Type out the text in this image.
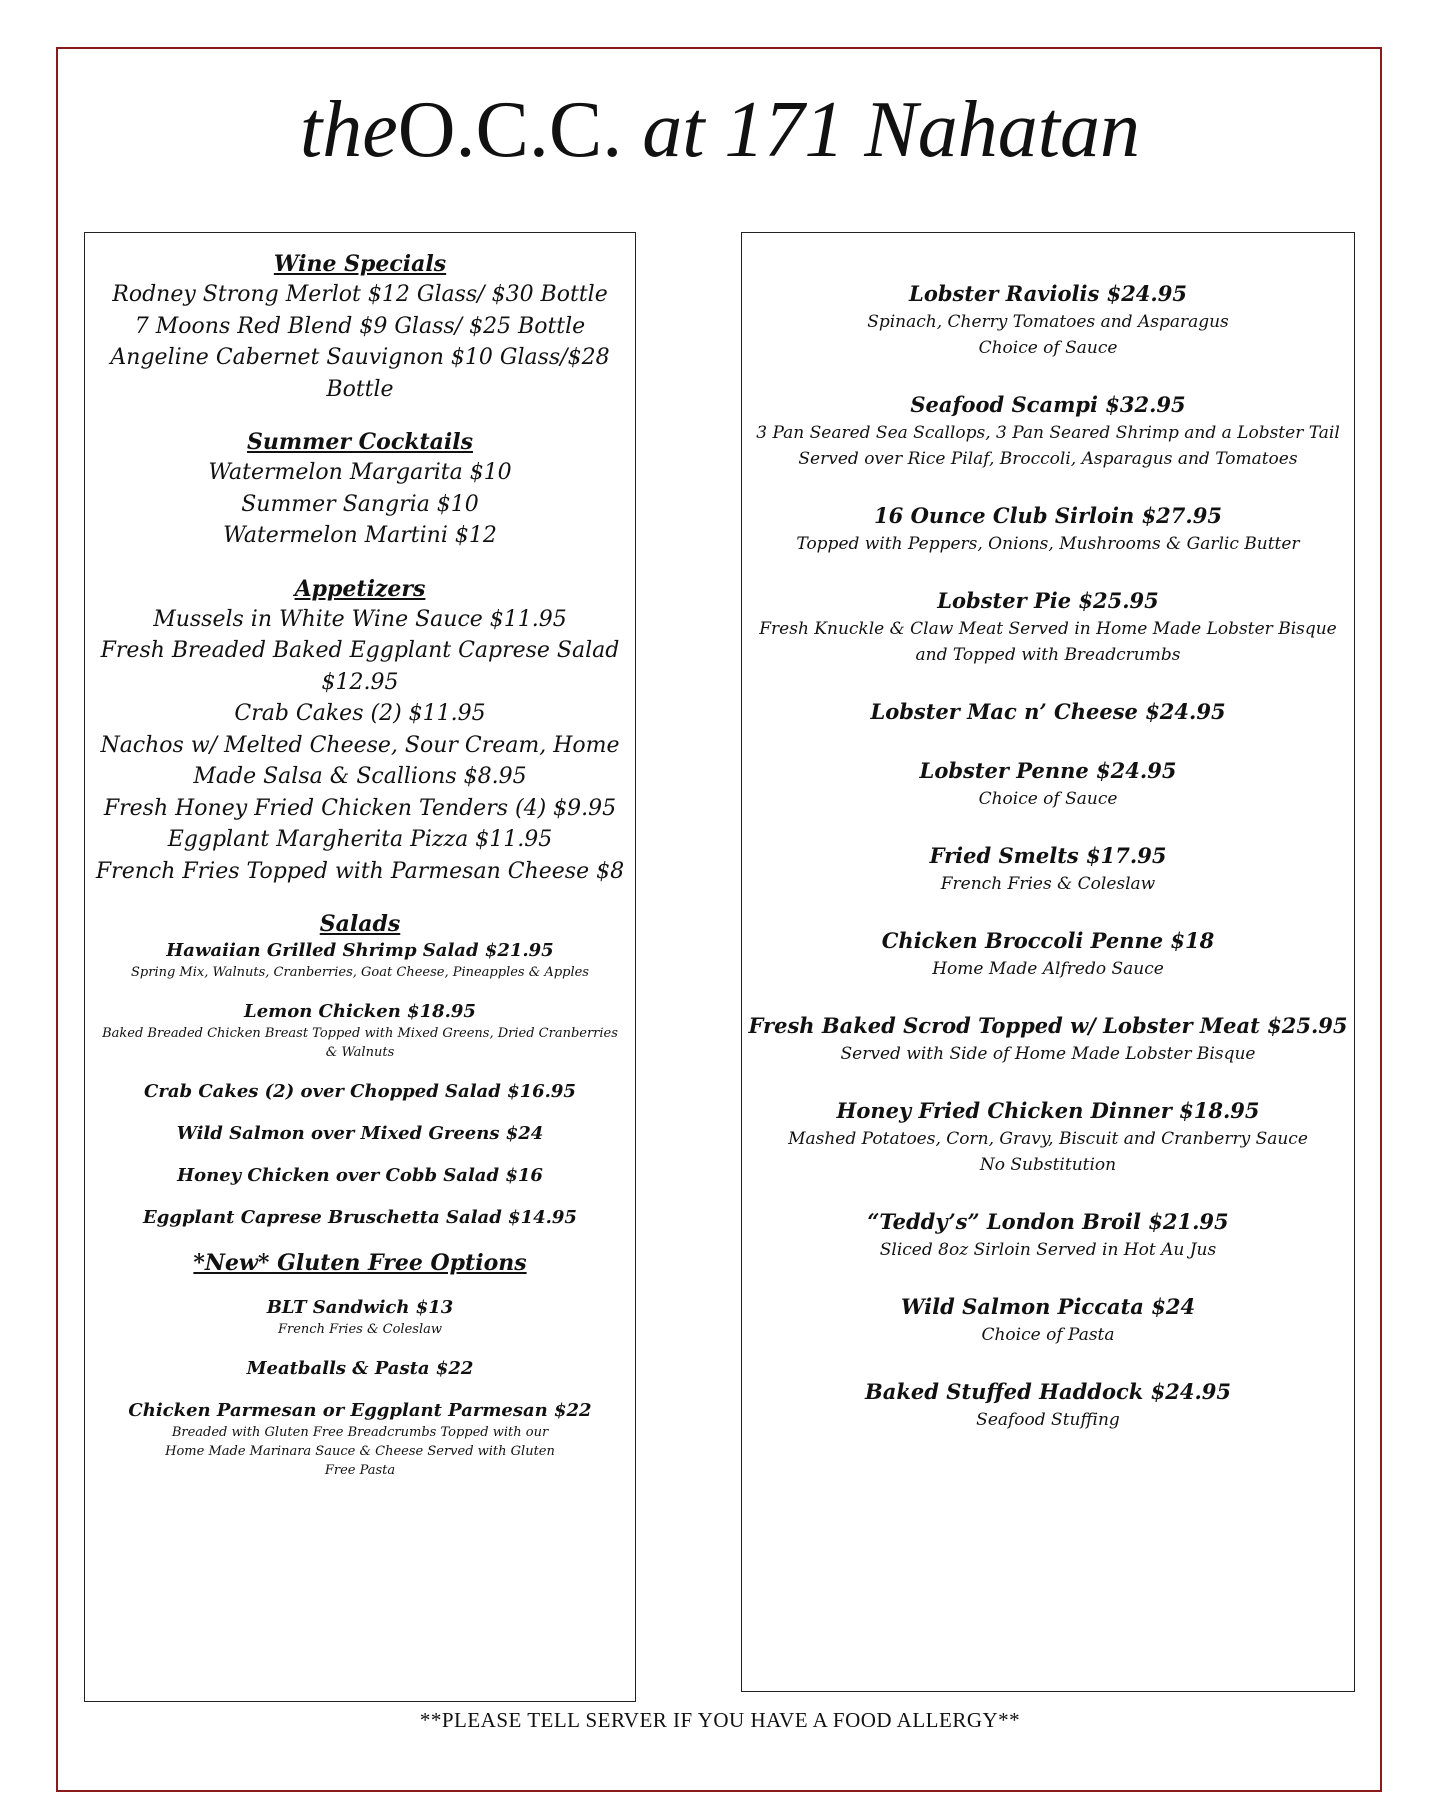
theO.C.C. at 171 Nahatan
Wine Specials
Rodney Strong Merlot $12 Glass/ $30 Bottle
7 Moons Red Blend $9 Glass/ $25 Bottle
Angeline Cabernet Sauvignon $10 Glass/$28 Bottle
Summer Cocktails
Watermelon Margarita $10
Summer Sangria $10
Watermelon Martini $12
Appetizers
Mussels in White Wine Sauce $11.95
Fresh Breaded Baked Eggplant Caprese Salad
$12.95
Crab Cakes (2) $11.95
Nachos w/ Melted Cheese, Sour Cream, Home
Made Salsa & Scallions $8.95
Fresh Honey Fried Chicken Tenders (4) $9.95
Eggplant Margherita Pizza $11.95
French Fries Topped with Parmesan Cheese $8
Salads
Hawaiian Grilled Shrimp Salad $21.95
Spring Mix, Walnuts, Cranberries, Goat Cheese, Pineapples & Apples
Lemon Chicken $18.95
Baked Breaded Chicken Breast Topped with Mixed Greens, Dried Cranberries & Walnuts
Crab Cakes (2) over Chopped Salad $16.95
Wild Salmon over Mixed Greens $24
Honey Chicken over Cobb Salad $16
Eggplant Caprese Bruschetta Salad $14.95
*New* Gluten Free Options
BLT Sandwich $13
French Fries & Coleslaw
Meatballs & Pasta $22
Chicken Parmesan or Eggplant Parmesan $22
Breaded with Gluten Free Breadcrumbs Topped with our Home Made Marinara Sauce & Cheese Served with Gluten Free Pasta
Lobster Raviolis $24.95
Spinach, Cherry Tomatoes and Asparagus
Choice of Sauce
Seafood Scampi $32.95
3 Pan Seared Sea Scallops, 3 Pan Seared Shrimp and a Lobster Tail
Served over Rice Pilaf, Broccoli, Asparagus and Tomatoes
16 Ounce Club Sirloin $27.95
Topped with Peppers, Onions, Mushrooms & Garlic Butter
Lobster Pie $25.95
Fresh Knuckle & Claw Meat Served in Home Made Lobster Bisque
and Topped with Breadcrumbs
Lobster Mac n’ Cheese $24.95
Lobster Penne $24.95
Choice of Sauce
Fried Smelts $17.95
French Fries & Coleslaw
Chicken Broccoli Penne $18
Home Made Alfredo Sauce
Fresh Baked Scrod Topped w/ Lobster Meat $25.95
Served with Side of Home Made Lobster Bisque
Honey Fried Chicken Dinner $18.95
Mashed Potatoes, Corn, Gravy, Biscuit and Cranberry Sauce
No Substitution
“Teddy’s” London Broil $21.95
Sliced 8oz Sirloin Served in Hot Au Jus
Wild Salmon Piccata $24
Choice of Pasta
Baked Stuffed Haddock $24.95
Seafood Stuffing
**PLEASE TELL SERVER IF YOU HAVE A FOOD ALLERGY**
